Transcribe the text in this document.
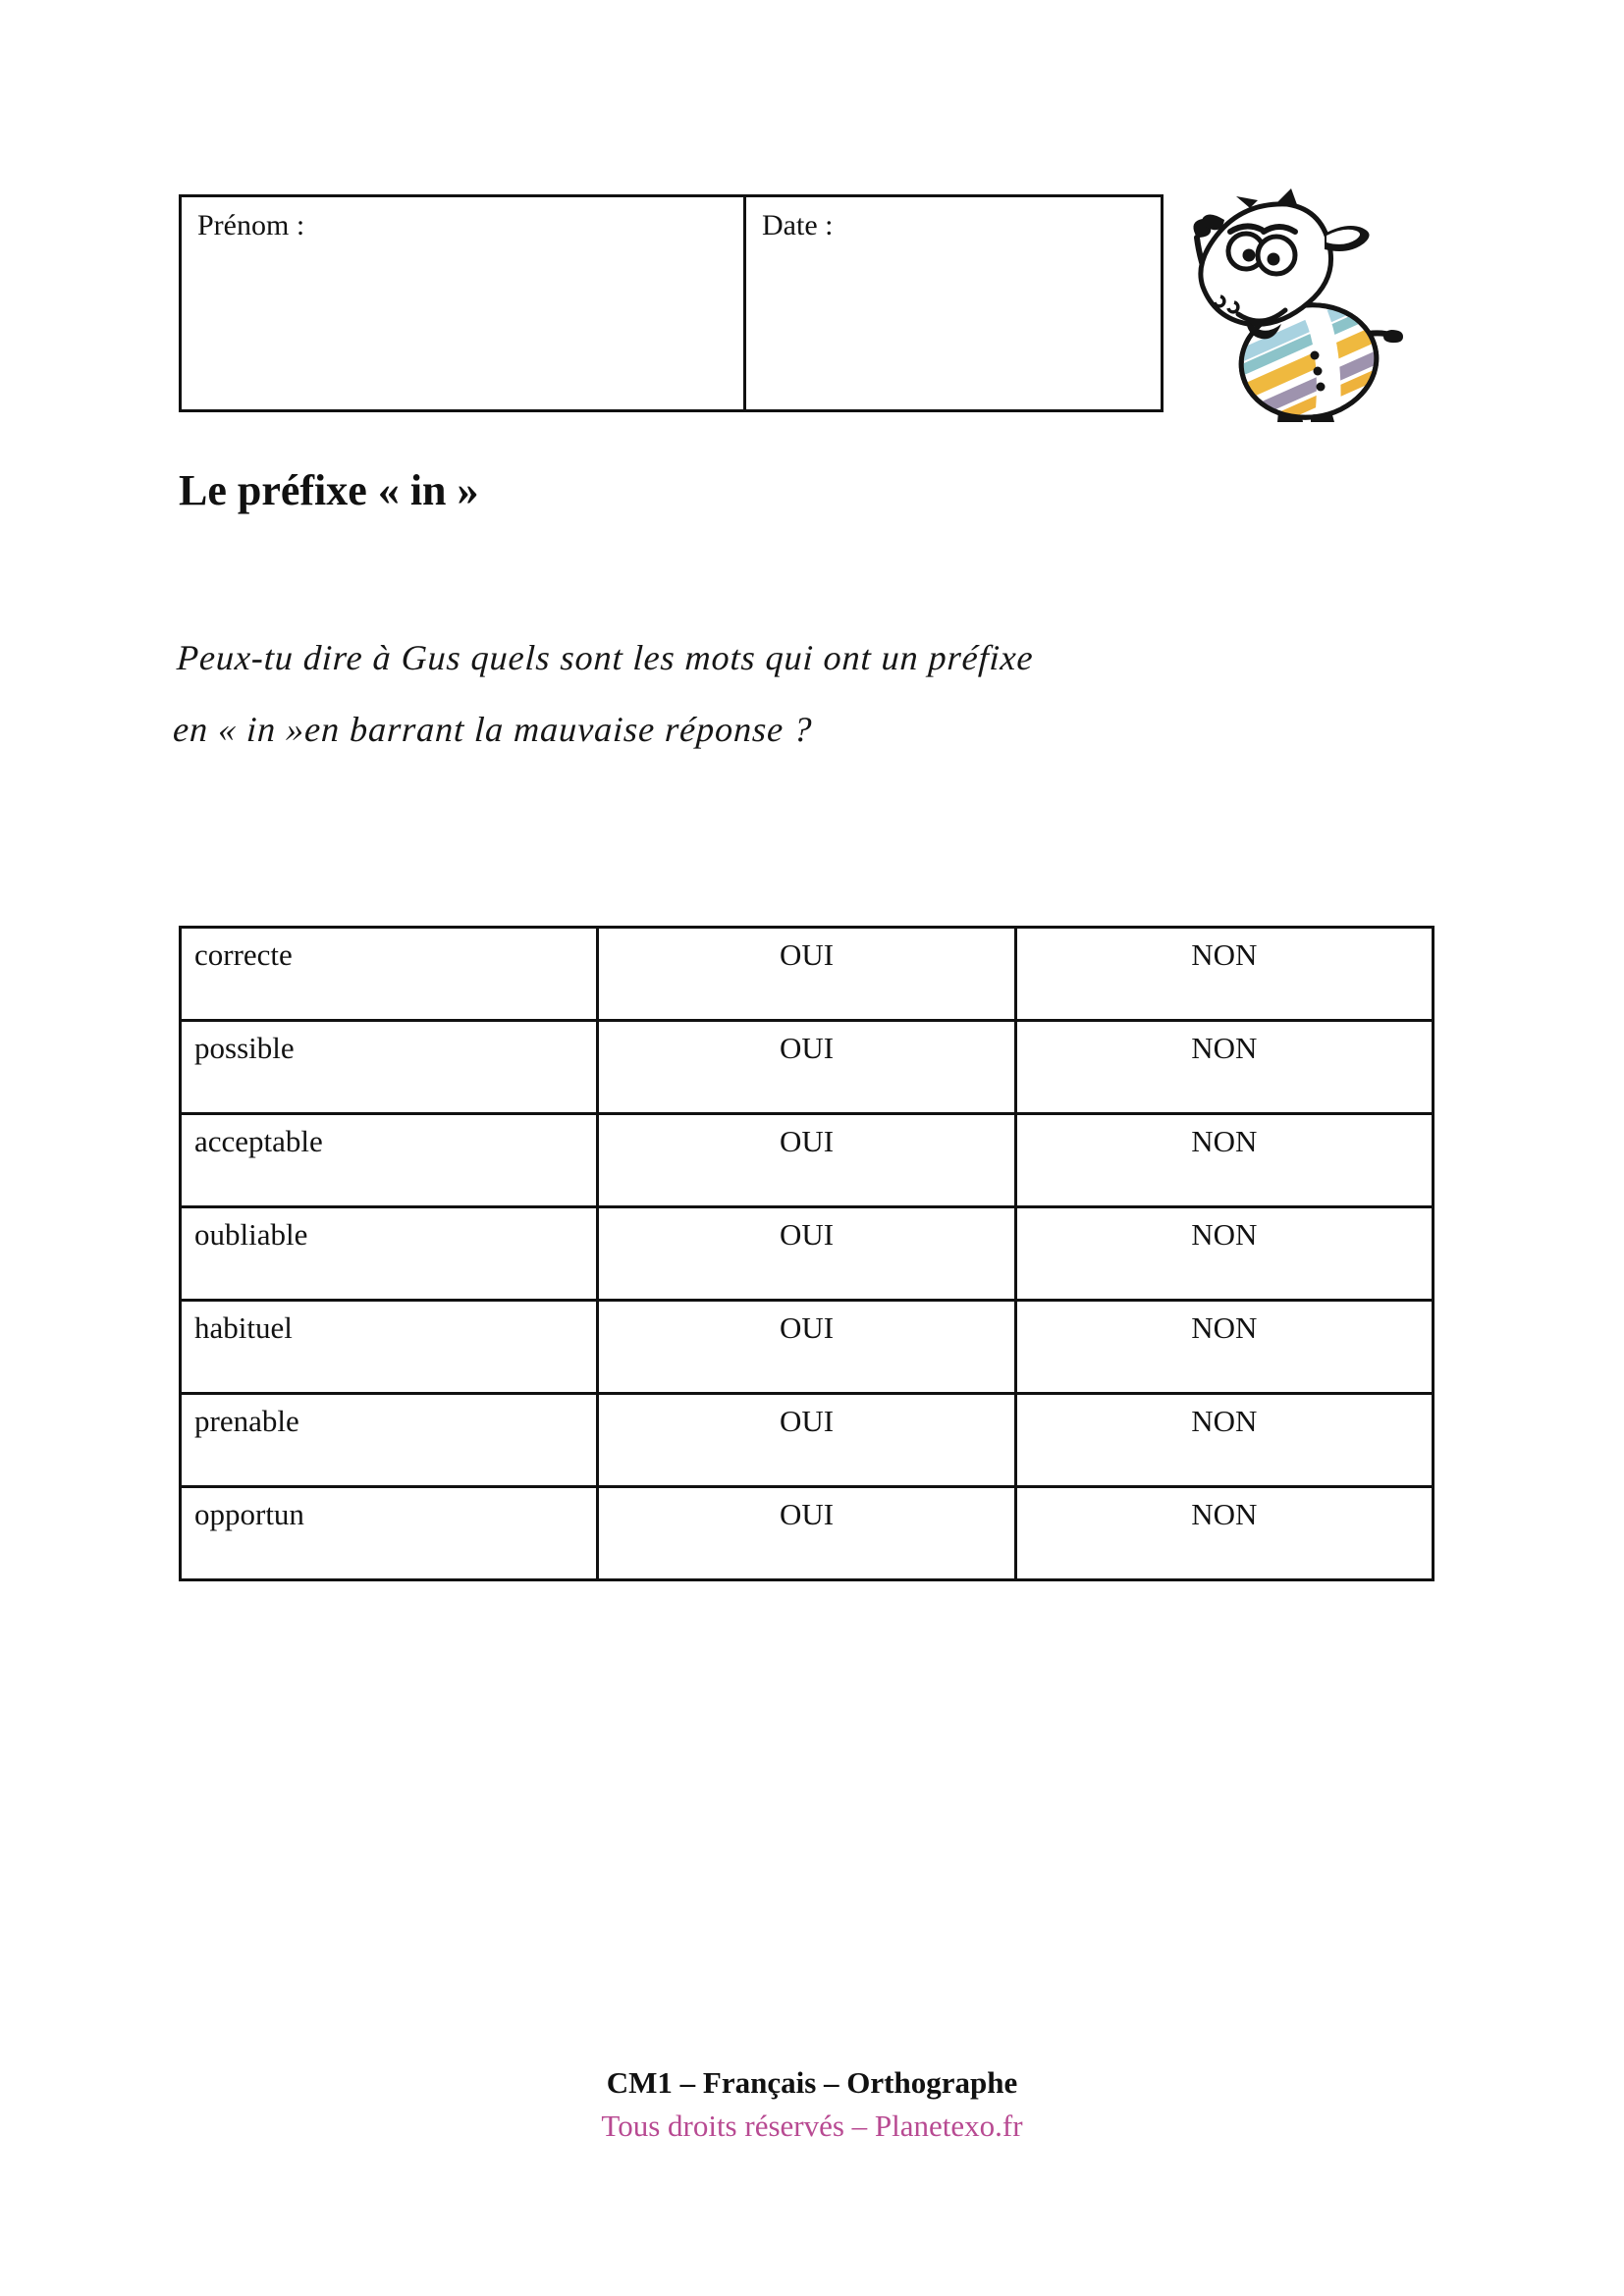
Prénom :	Date :
Le préfixe « in »
Peux-tu dire à Gus quels sont les mots qui ont un préfixe
en « in »en barrant la mauvaise réponse ?
correcte	OUI	NON
possible	OUI	NON
acceptable	OUI	NON
oubliable	OUI	NON
habituel	OUI	NON
prenable	OUI	NON
opportun	OUI	NON
CM1 – Français – Orthographe
Tous droits réservés – Planetexo.fr
